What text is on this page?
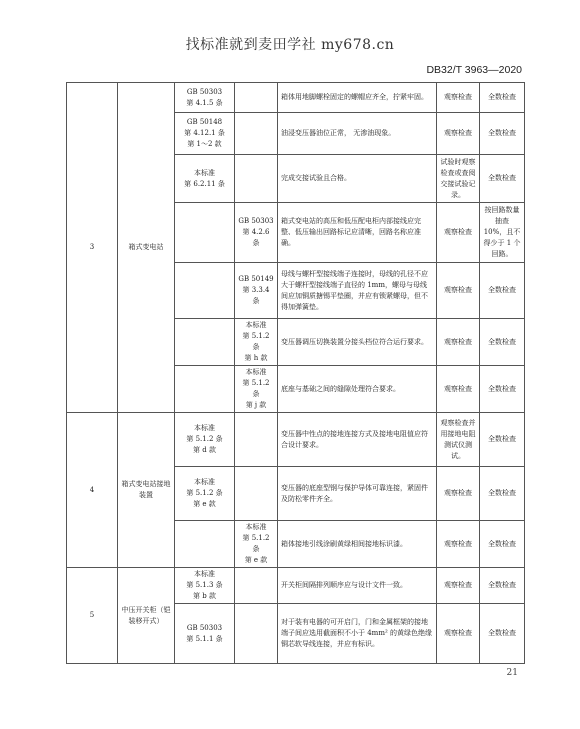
找标准就到麦田学社 my678.cn
DB32/T 3963—2020
3	箱式变电站	GB 50303
第 4.1.5 条		箱体用地脚螺栓固定的螺帽应齐全，拧紧牢固。	观察检查	全数检查

		GB 50148
第 4.12.1 条
第 1～2 款		油浸变压器油位正常， 无渗油现象。	观察检查	全数检查

		本标准
第 6.2.11 条		完成交接试验且合格。	试验时观察检查或查阅交接试验记录。	全数检查

			GB 50303
第 4.2.6 条	箱式变电站的高压和低压配电柜内部接线应完整、低压输出回路标记应清晰，回路名称应准确。	观察检查	按回路数量抽查 10%，且不得少于 1 个回路。

			GB 50149
第 3.3.4 条	母线与螺杆型接线端子连接时，母线的孔径不应大于螺杆型接线端子直径的 1mm，螺母与母线间应加铜质搪锡平垫圈，并应有锁紧螺母，但不得加弹簧垫。	观察检查	全数检查

			本标准
第 5.1.2 条
第 h 款	变压器调压切换装置分接头档位符合运行要求。	观察检查	全数检查

			本标准
第 5.1.2 条
第 j 款	底座与基础之间的缝隙处理符合要求。	观察检查	全数检查
4	箱式变电站接地装置	本标准
第 5.1.2 条
第 d 款		变压器中性点的接地连接方式及接地电阻值应符合设计要求。	观察检查并用接地电阻测试仪测试。	全数检查

		本标准
第 5.1.2 条
第 e 款		变压器的底座型钢与保护导体可靠连接，紧固件及防松零件齐全。	观察检查	全数检查

			本标准
第 5.1.2 条
第 e 款	箱体接地引线涂刷黄绿相间接地标识漆。	观察检查	全数检查
5	中压开关柜（铠装移开式）	本标准
第 5.1.3 条
第 b 款		开关柜间隔排列顺序应与设计文件一致。	观察检查	全数检查

		GB 50303
第 5.1.1 条		对于装有电器的可开启门，门和金属框架的接地端子间应选用截面积不小于 4mm² 的黄绿色绝缘铜芯软导线连接，并应有标识。	观察检查	全数检查
21
